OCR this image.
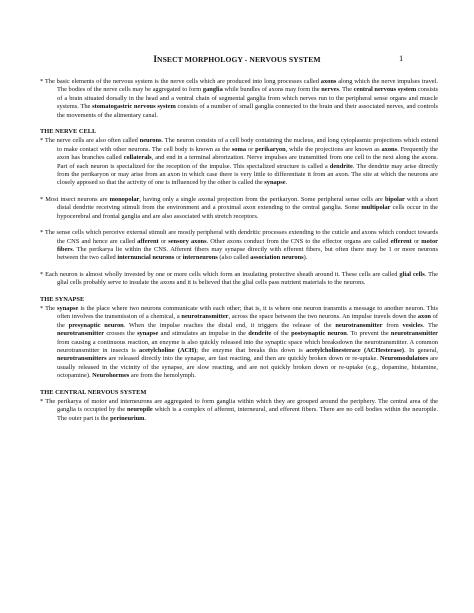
INSECT MORPHOLOGY - NERVOUS SYSTEM	1

* The basic elements of the nervous system is the nerve cells which are produced into long processes called axons along which the nerve impulses travel. The bodies of the nerve cells may be aggregated to form ganglia while bundles of axons may form the nerves. The central nervous system consists of a brain situated dorsally in the head and a ventral chain of segmental ganglia from which nerves run to the peripheral sense organs and muscle systems. The stomatogastric nervous system consists of a number of small ganglia connected to the brain and their associated nerves, and controls the movements of the alimentary canal.

THE NERVE CELL

* The nerve cells are also often called neurons. The neuron consists of a cell body containing the nucleus, and long cytoplasmic projections which extend to make contact with other neurons. The cell body is known as the soma or perikaryon, while the projections are known as axons. Frequently the axon has branches called collaterals, and end in a terminal abrorization. Nerve impulses are transmitted from one cell to the next along the axons. Part of each neuron is specialized for the reception of the impulse. This specialized structure is called a dendrite. The dendrite may arise directly from the perikaryon or may arise from an axon in which case there is very little to differentiate it from an axon. The site at which the neurons are closely apposed so that the activity of one is influenced by the other is called the synapse.

* Most insect neurons are monopolar, having only a single axonal projection from the perikaryon. Some peripheral sense cells are bipolar with a short distal dendrite receiving stimuli from the environment and a proximal axon extending to the central ganglia. Some multipolar cells occur in the hypocerebral and frontal ganglia and are also associated with stretch receptors.

* The sense cells which perceive external stimuli are mostly peripheral with dendritic processes extending to the cuticle and axons which conduct towards the CNS and hence are called afferent or sensory axons. Other axons conduct from the CNS to the effector organs are called efferent or motor fibers. The perikarya lie within the CNS. Afferent fibers may synapse directly with efferent fibers, but often there may be 1 or more neurons between the two called internuncial neurons or interneurons (also called association neurons).

* Each neuron is almost wholly invested by one or more cells which form an insulating protective sheath around it. These cells are called glial cells. The glial cells probably serve to insulate the axons and it is believed that the glial cells pass nutrient materials to the neurons.

THE SYNAPSE

* The synapse is the place where two neurons communicate with each other; that is, it is where one neuron transmits a message to another neuron. This often involves the transmission of a chemical, a neurotransmitter, across the space between the two neurons. An impulse travels down the axon of the presynaptic neuron. When the impulse reaches the distal end, it triggers the release of the neurotransmitter from vesicles. The neurotransmitter crosses the synapse and stimulates an impulse in the dendrite of the postsynaptic neuron. To prevent the neurotransmitter from causing a continuous reaction, an enzyme is also quickly released into the synaptic space which breaksdown the neurotransmitter. A common neurotransmitter in insects is acetylcholine (ACH); the enzyme that breaks this down is acetylcholinesterace (ACHesterase). In general, neurotransmitters are released directly into the synapse, are fast reacting, and then are quickly broken down or re-uptake. Neuromodulators are usually released in the vicinity of the synapse, are slow reacting, and are not quickly broken down or re-uptake (e.g., dopamine, histamine, octopamine). Neurohormes are from the hemolymph.

THE CENTRAL NERVOUS SYSTEM

* The perikarya of motor and interneurons are aggregated to form ganglia within which they are grouped around the periphery. The central area of the ganglia is occupied by the neuropile which is a complex of afferent, interneural, and efferent fibers. There are no cell bodies within the neuropile. The outer part is the perineurium.
